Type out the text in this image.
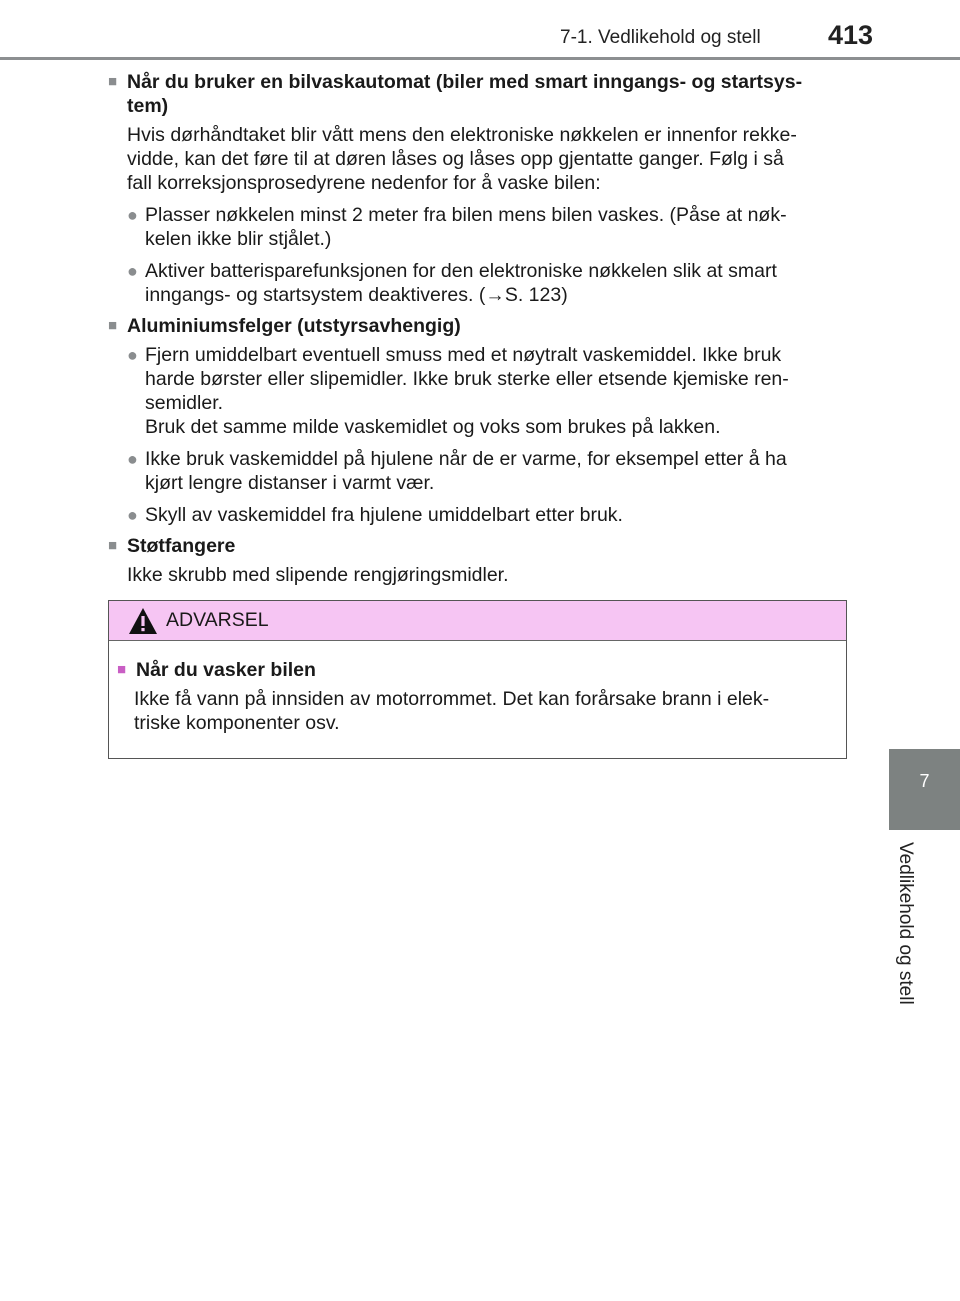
7-1. Vedlikehold og stell 413
7
Vedlikehold og stell
■ Når du bruker en bilvaskautomat (biler med smart inngangs- og startsys-
tem)
Hvis dørhåndtaket blir vått mens den elektroniske nøkkelen er innenfor rekke-
vidde, kan det føre til at døren låses og låses opp gjentatte ganger. Følg i så
fall korreksjonsprosedyrene nedenfor for å vaske bilen:
● Plasser nøkkelen minst 2 meter fra bilen mens bilen vaskes. (Påse at nøk-
kelen ikke blir stjålet.)
● Aktiver batterisparefunksjonen for den elektroniske nøkkelen slik at smart
inngangs- og startsystem deaktiveres. (→S. 123)
■ Aluminiumsfelger (utstyrsavhengig)
● Fjern umiddelbart eventuell smuss med et nøytralt vaskemiddel. Ikke bruk
harde børster eller slipemidler. Ikke bruk sterke eller etsende kjemiske ren-
semidler.
Bruk det samme milde vaskemidlet og voks som brukes på lakken.
● Ikke bruk vaskemiddel på hjulene når de er varme, for eksempel etter å ha
kjørt lengre distanser i varmt vær.
● Skyll av vaskemiddel fra hjulene umiddelbart etter bruk.
■ Støtfangere
Ikke skrubb med slipende rengjøringsmidler.
ADVARSEL
■ Når du vasker bilen
Ikke få vann på innsiden av motorrommet. Det kan forårsake brann i elek-
triske komponenter osv.
